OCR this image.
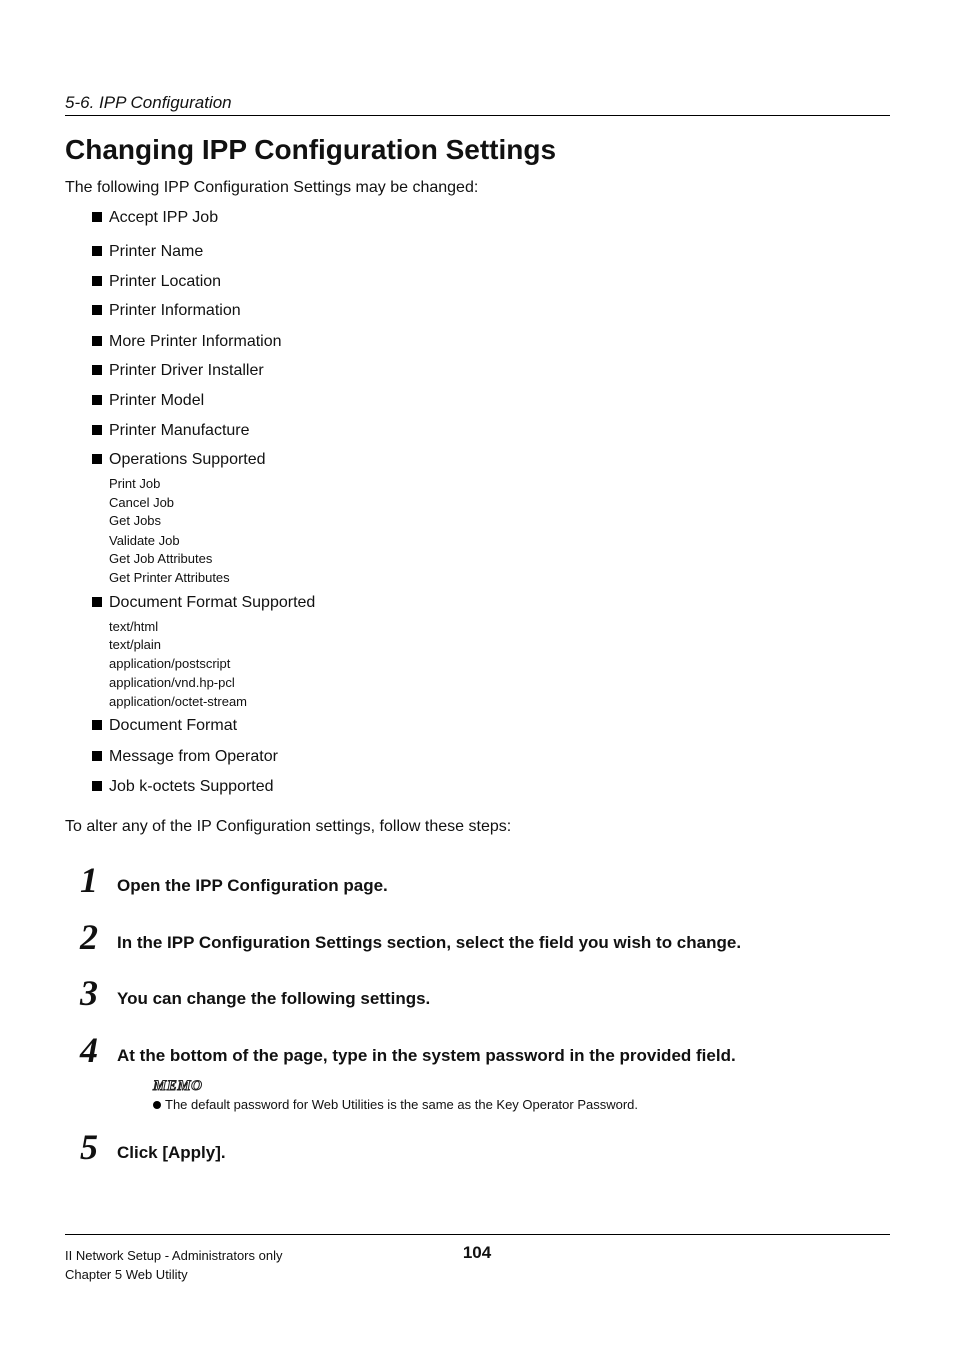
5-6. IPP Configuration
Changing IPP Configuration Settings
The following IPP Configuration Settings may be changed:
Accept IPP Job
Printer Name
Printer Location
Printer Information
More Printer Information
Printer Driver Installer
Printer Model
Printer Manufacture
Operations Supported
Print Job
Cancel Job
Get Jobs
Validate Job
Get Job Attributes
Get Printer Attributes
Document Format Supported
text/html
text/plain
application/postscript
application/vnd.hp-pcl
application/octet-stream
Document Format
Message from Operator
Job k-octets Supported
To alter any of the IP Configuration settings, follow these steps:
1 Open the IPP Configuration page.
2 In the IPP Configuration Settings section, select the field you wish to change.
3 You can change the following settings.
4 At the bottom of the page, type in the system password in the provided field.
MEMO
The default password for Web Utilities is the same as the Key Operator Password.
5 Click [Apply].
II Network Setup - Administrators only
Chapter 5 Web Utility
104
